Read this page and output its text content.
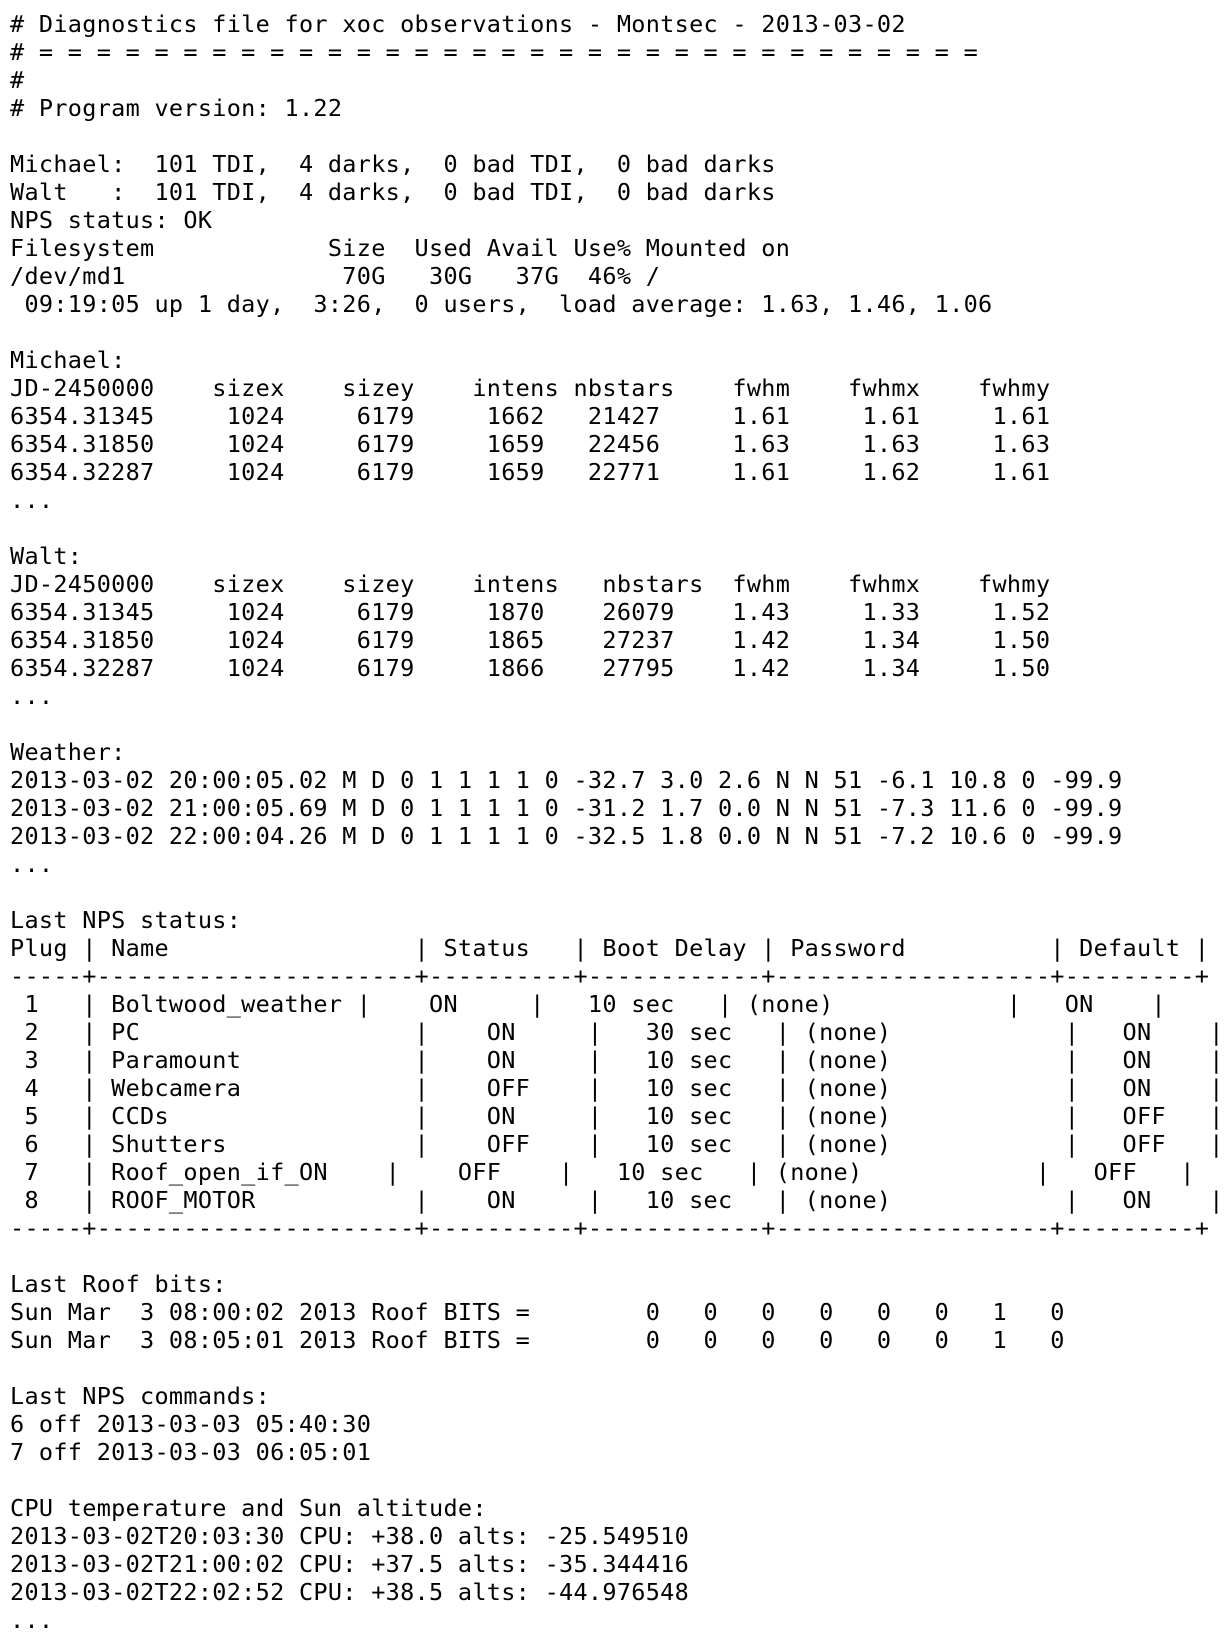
# Diagnostics file for xoc observations - Montsec - 2013-03-02
# = = = = = = = = = = = = = = = = = = = = = = = = = = = = = = = = =
#
# Program version: 1.22

Michael:  101 TDI,  4 darks,  0 bad TDI,  0 bad darks
Walt   :  101 TDI,  4 darks,  0 bad TDI,  0 bad darks
NPS status: OK
Filesystem            Size  Used Avail Use% Mounted on
/dev/md1               70G   30G   37G  46% /
09:19:05 up 1 day,  3:26,  0 users,  load average: 1.63, 1.46, 1.06

Michael:
JD-2450000    sizex    sizey    intens nbstars    fwhm    fwhmx    fwhmy
6354.31345     1024     6179     1662   21427     1.61     1.61     1.61
6354.31850     1024     6179     1659   22456     1.63     1.63     1.63
6354.32287     1024     6179     1659   22771     1.61     1.62     1.61
...

Walt:
JD-2450000    sizex    sizey    intens   nbstars  fwhm    fwhmx    fwhmy
6354.31345     1024     6179     1870    26079    1.43     1.33     1.52
6354.31850     1024     6179     1865    27237    1.42     1.34     1.50
6354.32287     1024     6179     1866    27795    1.42     1.34     1.50
...

Weather:
2013-03-02 20:00:05.02 M D 0 1 1 1 1 0 -32.7 3.0 2.6 N N 51 -6.1 10.8 0 -99.9
2013-03-02 21:00:05.69 M D 0 1 1 1 1 0 -31.2 1.7 0.0 N N 51 -7.3 11.6 0 -99.9
2013-03-02 22:00:04.26 M D 0 1 1 1 1 0 -32.5 1.8 0.0 N N 51 -7.2 10.6 0 -99.9
...

Last NPS status:
Plug | Name                 | Status   | Boot Delay | Password          | Default |
-----+----------------------+----------+------------+-------------------+---------+
1   | Boltwood_weather |    ON     |   10 sec   | (none)            |   ON    |
2   | PC                   |    ON     |   30 sec   | (none)            |   ON    |
3   | Paramount            |    ON     |   10 sec   | (none)            |   ON    |
4   | Webcamera            |    OFF    |   10 sec   | (none)            |   ON    |
5   | CCDs                 |    ON     |   10 sec   | (none)            |   OFF   |
6   | Shutters             |    OFF    |   10 sec   | (none)            |   OFF   |
7   | Roof_open_if_ON    |    OFF    |   10 sec   | (none)            |   OFF   |
8   | ROOF_MOTOR           |    ON     |   10 sec   | (none)            |   ON    |
-----+----------------------+----------+------------+-------------------+---------+

Last Roof bits:
Sun Mar  3 08:00:02 2013 Roof BITS =        0   0   0   0   0   0   1   0
Sun Mar  3 08:05:01 2013 Roof BITS =        0   0   0   0   0   0   1   0

Last NPS commands:
6 off 2013-03-03 05:40:30
7 off 2013-03-03 06:05:01

CPU temperature and Sun altitude:
2013-03-02T20:03:30 CPU: +38.0 alts: -25.549510
2013-03-02T21:00:02 CPU: +37.5 alts: -35.344416
2013-03-02T22:02:52 CPU: +38.5 alts: -44.976548
...
